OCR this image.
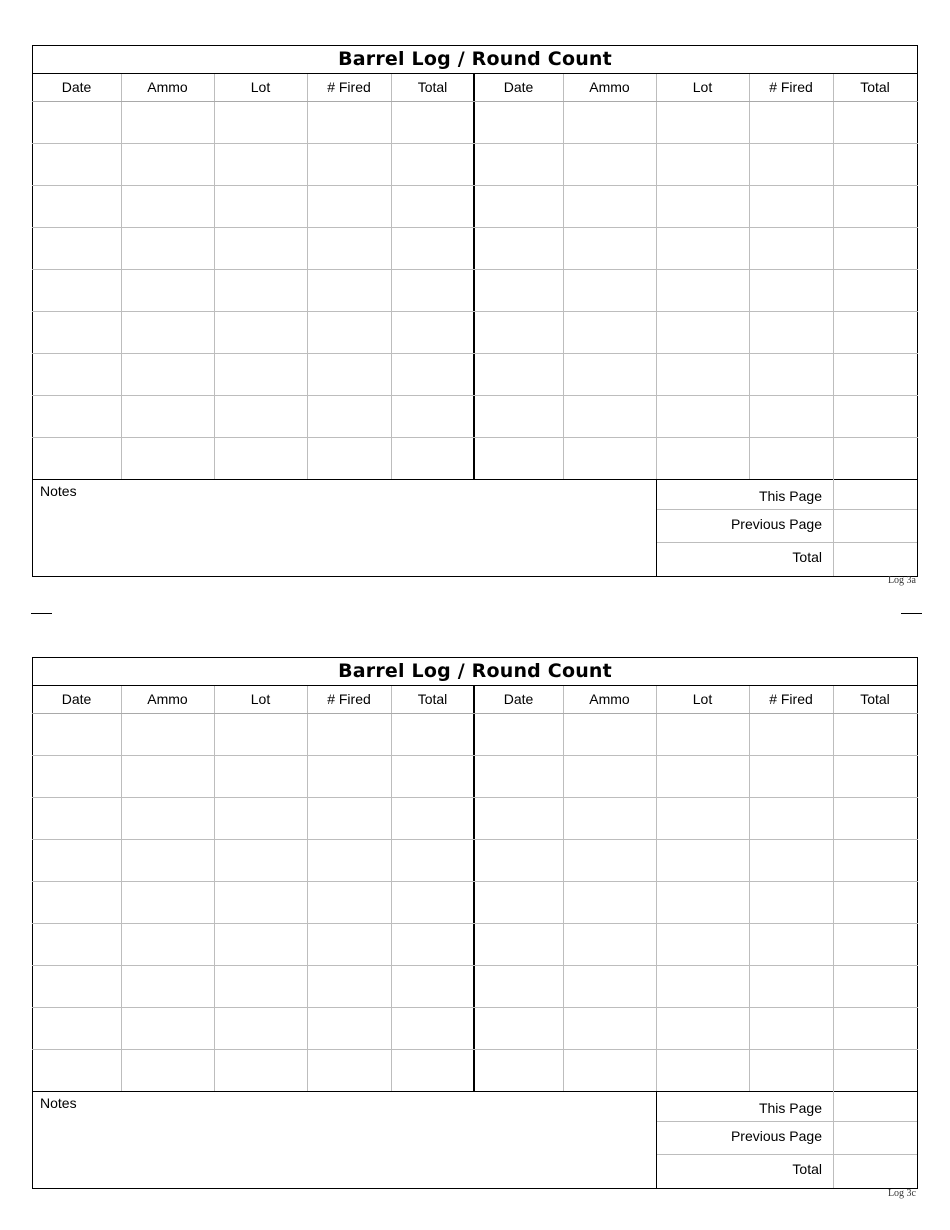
Barrel Log / Round Count
Date	Ammo	Lot	# Fired	Total	Date	Ammo	Lot	# Fired	Total
Notes	This Page
Previous Page
Total
Log 3a
Barrel Log / Round Count
Date	Ammo	Lot	# Fired	Total	Date	Ammo	Lot	# Fired	Total
Notes	This Page
Previous Page
Total
Log 3c
